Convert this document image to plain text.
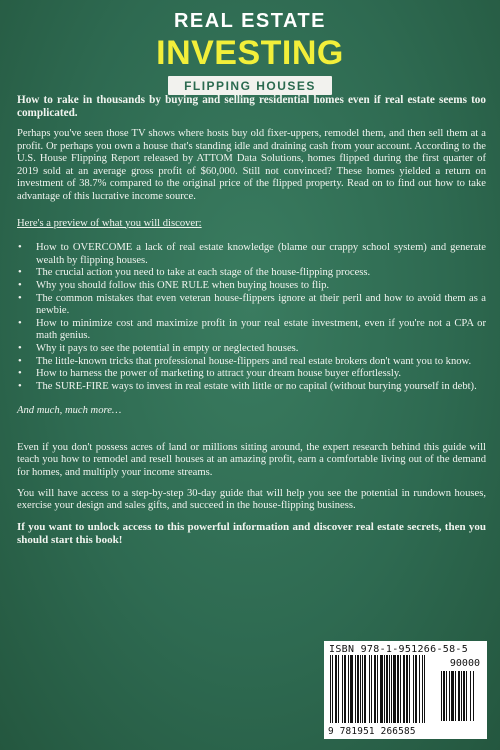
REAL ESTATE
INVESTING
FLIPPING HOUSES

How to rake in thousands by buying and selling residential homes even if real estate seems too complicated.

Perhaps you've seen those TV shows where hosts buy old fixer-uppers, remodel them, and then sell them at a profit. Or perhaps you own a house that's standing idle and draining cash from your account. According to the U.S. House Flipping Report released by ATTOM Data Solutions, homes flipped during the first quarter of 2019 sold at an average gross profit of $60,000. Still not convinced? These homes yielded a return on investment of 38.7% compared to the original price of the flipped property. Read on to find out how to take advantage of this lucrative income source.

Here's a preview of what you will discover:

• How to OVERCOME a lack of real estate knowledge (blame our crappy school system) and generate wealth by flipping houses.
• The crucial action you need to take at each stage of the house-flipping process.
• Why you should follow this ONE RULE when buying houses to flip.
• The common mistakes that even veteran house-flippers ignore at their peril and how to avoid them as a newbie.
• How to minimize cost and maximize profit in your real estate investment, even if you're not a CPA or math genius.
• Why it pays to see the potential in empty or neglected houses.
• The little-known tricks that professional house-flippers and real estate brokers don't want you to know.
• How to harness the power of marketing to attract your dream house buyer effortlessly.
• The SURE-FIRE ways to invest in real estate with little or no capital (without burying yourself in debt).

And much, much more…

Even if you don't possess acres of land or millions sitting around, the expert research behind this guide will teach you how to remodel and resell houses at an amazing profit, earn a comfortable living out of the demand for homes, and multiply your income streams.

You will have access to a step-by-step 30-day guide that will help you see the potential in rundown houses, exercise your design and sales gifts, and succeed in the house-flipping business.

If you want to unlock access to this powerful information and discover real estate secrets, then you should start this book!

ISBN 978-1-951266-58-5
90000
9 781951 266585
